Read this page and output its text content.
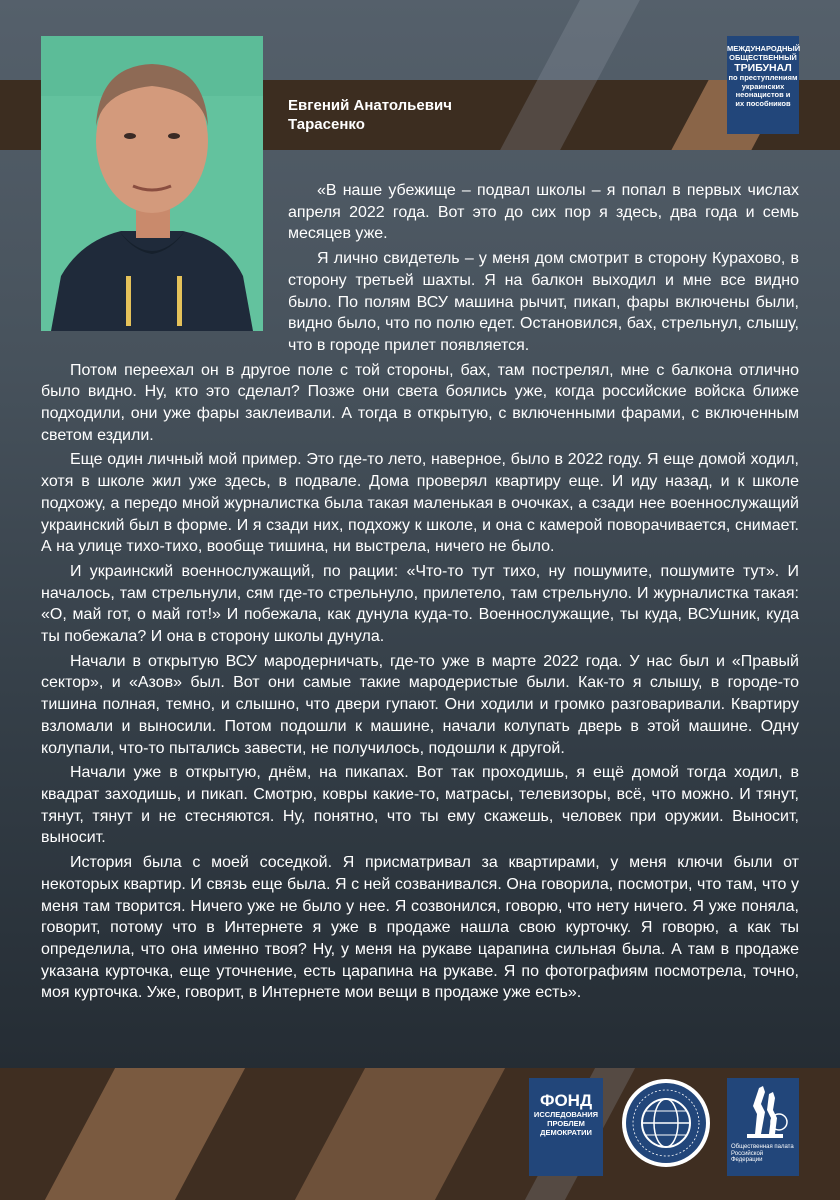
Евгений Анатольевич
Тарасенко
МЕЖДУНАРОДНЫЙ
ОБЩЕСТВЕННЫЙ
ТРИБУНАЛ
по преступлениям
украинских
неонацистов и
их пособников

«В наше убежище – подвал школы – я попал в первых числах апреля 2022 года. Вот это до сих пор я здесь, два года и семь месяцев уже.

Я лично свидетель – у меня дом смотрит в сторону Курахово, в сторону третьей шахты. Я на балкон выходил и мне все видно было. По полям ВСУ машина рычит, пикап, фары включены были, видно было, что по полю едет. Остановился, бах, стрельнул, слышу, что в городе прилет появляется.

Потом переехал он в другое поле с той стороны, бах, там пострелял, мне с балкона отлично было видно. Ну, кто это сделал? Позже они света боялись уже, когда российские войска ближе подходили, они уже фары заклеивали. А тогда в открытую, с включенными фарами, с включенным светом ездили.

Еще один личный мой пример. Это где-то лето, наверное, было в 2022 году. Я еще домой ходил, хотя в школе жил уже здесь, в подвале. Дома проверял квартиру еще. И иду назад, и к школе подхожу, а передо мной журналистка была такая маленькая в очочках, а сзади нее военнослужащий украинский был в форме. И я сзади них, подхожу к школе, и она с камерой поворачивается, снимает. А на улице тихо-тихо, вообще тишина, ни выстрела, ничего не было.

И украинский военнослужащий, по рации: «Что-то тут тихо, ну пошумите, пошумите тут». И началось, там стрельнули, сям где-то стрельнуло, прилетело, там стрельнуло. И журналистка такая: «О, май гот, о май гот!» И побежала, как дунула куда-то. Военнослужащие, ты куда, ВСУшник, куда ты побежала? И она в сторону школы дунула.

Начали в открытую ВСУ мародерничать, где-то уже в марте 2022 года. У нас был и «Правый сектор», и «Азов» был. Вот они самые такие мародеристые были. Как-то я слышу, в городе-то тишина полная, темно, и слышно, что двери гупают. Они ходили и громко разговаривали. Квартиру взломали и выносили. Потом подошли к машине, начали колупать дверь в этой машине. Одну колупали, что-то пытались завести, не получилось, подошли к другой.

Начали уже в открытую, днём, на пикапах. Вот так проходишь, я ещё домой тогда ходил, в квадрат заходишь, и пикап. Смотрю, ковры какие-то, матрасы, телевизоры, всё, что можно. И тянут, тянут, тянут и не стесняются. Ну, понятно, что ты ему скажешь, человек при оружии. Выносит, выносит.

История была с моей соседкой. Я присматривал за квартирами, у меня ключи были от некоторых квартир. И связь еще была. Я с ней созванивался. Она говорила, посмотри, что там, что у меня там творится. Ничего уже не было у нее. Я созвонился, говорю, что нету ничего. Я уже поняла, говорит, потому что в Интернете я уже в продаже нашла свою курточку. Я говорю, а как ты определила, что она именно твоя? Ну, у меня на рукаве царапина сильная была. А там в продаже указана курточка, еще уточнение, есть царапина на рукаве. Я по фотографиям посмотрела, точно, моя курточка. Уже, говорит, в Интернете мои вещи в продаже уже есть».

ФОНД
ИССЛЕДОВАНИЯ
ПРОБЛЕМ
ДЕМОКРАТИИ
Общественная палата
Российской Федерации
